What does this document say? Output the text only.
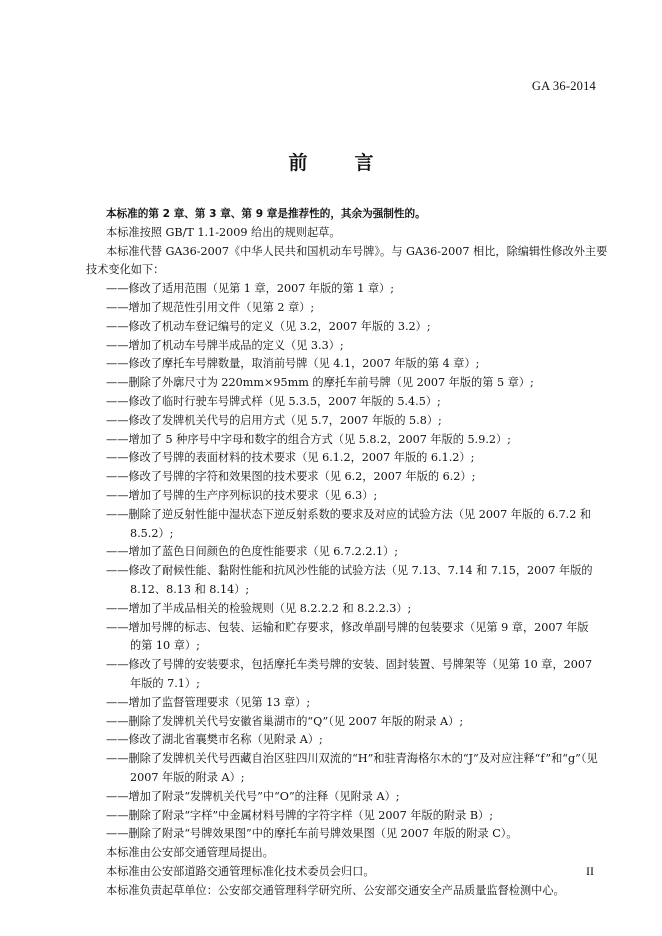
GA 36-2014
前　言

本标准的第 2 章、第 3 章、第 9 章是推荐性的，其余为强制性的。

本标准按照 GB/T 1.1-2009 给出的规则起草。

本标准代替 GA36-2007《中华人民共和国机动车号牌》。与 GA36-2007 相比，除编辑性修改外主要

技术变化如下：

——修改了适用范围（见第 1 章，2007 年版的第 1 章）;

——增加了规范性引用文件（见第 2 章）;

——修改了机动车登记编号的定义（见 3.2，2007 年版的 3.2）;

——增加了机动车号牌半成品的定义（见 3.3）;

——修改了摩托车号牌数量，取消前号牌（见 4.1，2007 年版的第 4 章）;

——删除了外廓尺寸为 220mm×95mm 的摩托车前号牌（见 2007 年版的第 5 章）;

——修改了临时行驶车号牌式样（见 5.3.5，2007 年版的 5.4.5）;

——修改了发牌机关代号的启用方式（见 5.7，2007 年版的 5.8）;

——增加了 5 种序号中字母和数字的组合方式（见 5.8.2，2007 年版的 5.9.2）;

——修改了号牌的表面材料的技术要求（见 6.1.2，2007 年版的 6.1.2）;

——修改了号牌的字符和效果图的技术要求（见 6.2，2007 年版的 6.2）;

——增加了号牌的生产序列标识的技术要求（见 6.3）;

——删除了逆反射性能中湿状态下逆反射系数的要求及对应的试验方法（见 2007 年版的 6.7.2 和 8.5.2）;

——增加了蓝色日间颜色的色度性能要求（见 6.7.2.2.1）;

——修改了耐候性能、黏附性能和抗风沙性能的试验方法（见 7.13、7.14 和 7.15，2007 年版的 8.12、8.13 和 8.14）;

——增加了半成品相关的检验规则（见 8.2.2.2 和 8.2.2.3）;

——增加号牌的标志、包装、运输和贮存要求，修改单副号牌的包装要求（见第 9 章，2007 年版的第 10 章）;

——修改了号牌的安装要求，包括摩托车类号牌的安装、固封装置、号牌架等（见第 10 章，2007 年版的 7.1）;

——增加了监督管理要求（见第 13 章）;

——删除了发牌机关代号安徽省巢湖市的“Q”（见 2007 年版的附录 A）;

——修改了湖北省襄樊市名称（见附录 A）;

——删除了发牌机关代号西藏自治区驻四川双流的“H”和驻青海格尔木的“J”及对应注释“f”和“g”（见 2007 年版的附录 A）;

——增加了附录“发牌机关代号”中“O”的注释（见附录 A）;

——删除了附录“字样”中金属材料号牌的字符字样（见 2007 年版的附录 B）;

——删除了附录“号牌效果图”中的摩托车前号牌效果图（见 2007 年版的附录 C）。

本标准由公安部交通管理局提出。

本标准由公安部道路交通管理标准化技术委员会归口。

本标准负责起草单位：公安部交通管理科学研究所、公安部交通安全产品质量监督检测中心。

II
